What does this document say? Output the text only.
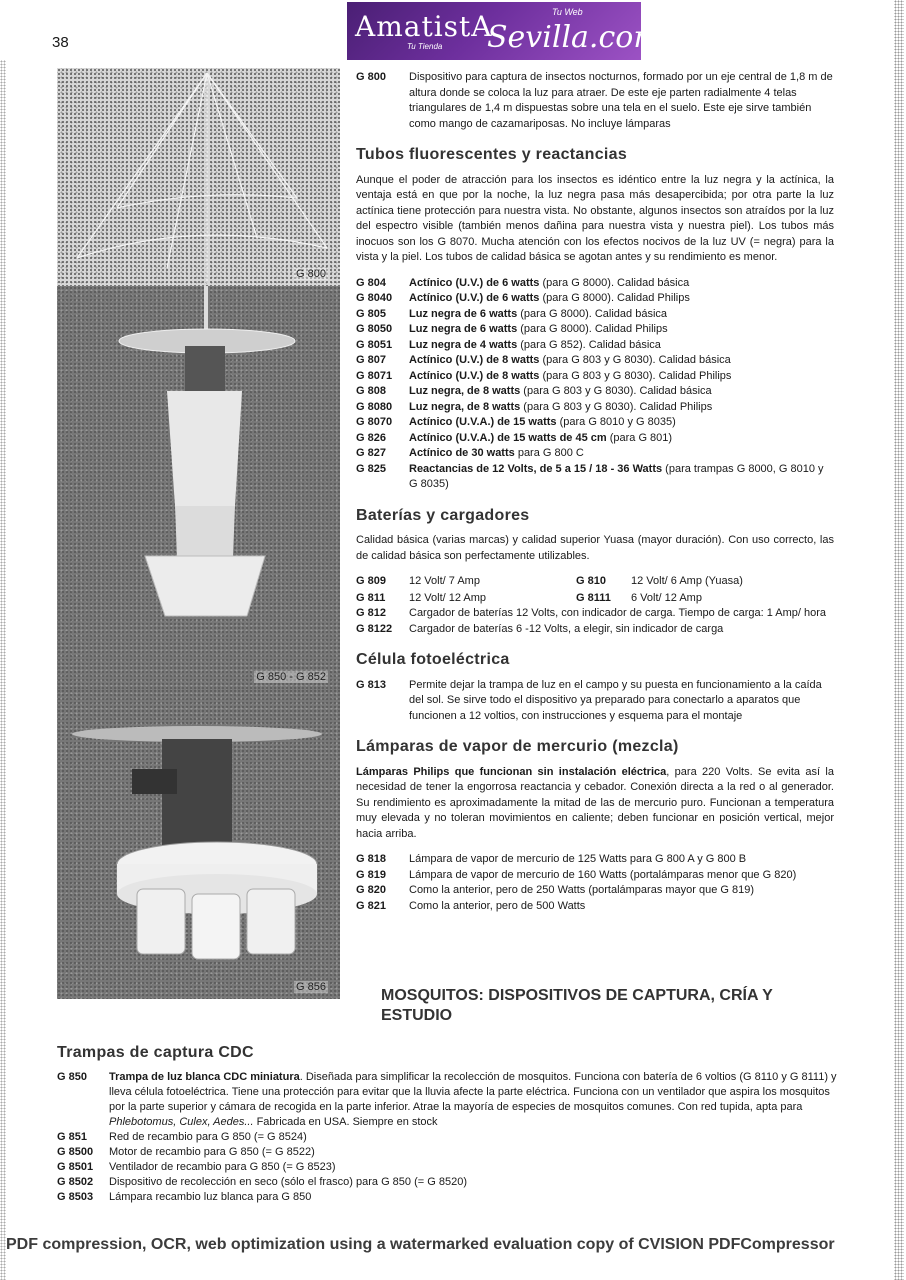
38	AmatistA	Tu Web
Sevilla.com
Tu Tienda
G 800
G 850 - G 852
G 856
G 800	Dispositivo para captura de insectos nocturnos, formado por un eje central de 1,8 m de altura donde se coloca la luz para atraer. De este eje parten radialmente 4 telas triangulares de 1,4 m dispuestas sobre una tela en el suelo. Este eje sirve también como mango de cazamariposas. No incluye lámparas
Tubos fluorescentes y reactancias
Aunque el poder de atracción para los insectos es idéntico entre la luz negra y la actínica, la ventaja está en que por la noche, la luz negra pasa más desapercibida; por otra parte la luz actínica tiene protección para nuestra vista. No obstante, algunos insectos son atraídos por la luz del espectro visible (también menos dañina para nuestra vista y nuestra piel). Los tubos más inocuos son los G 8070. Mucha atención con los efectos nocivos de la luz UV (= negra) para la vista y la piel. Los tubos de calidad básica se agotan antes y su rendimiento es menor.
G 804	Actínico (U.V.) de 6 watts (para G 8000). Calidad básica
G 8040	Actínico (U.V.) de 6 watts (para G 8000). Calidad Philips
G 805	Luz negra de 6 watts (para G 8000). Calidad básica
G 8050	Luz negra de 6 watts (para G 8000). Calidad Philips
G 8051	Luz negra de 4 watts (para G 852). Calidad básica
G 807	Actínico (U.V.) de 8 watts (para G 803 y G 8030). Calidad básica
G 8071	Actínico (U.V.) de 8 watts (para G 803 y G 8030). Calidad Philips
G 808	Luz negra, de 8 watts (para G 803 y G 8030). Calidad básica
G 8080	Luz negra, de 8 watts (para G 803 y G 8030). Calidad Philips
G 8070	Actínico (U.V.A.) de 15 watts (para G 8010 y G 8035)
G 826	Actínico (U.V.A.) de 15 watts de 45 cm (para G 801)
G 827	Actínico de 30 watts para G 800 C
G 825	Reactancias de 12 Volts, de 5 a 15 / 18 - 36 Watts (para trampas G 8000, G 8010 y G 8035)
Baterías y cargadores
Calidad básica (varias marcas) y calidad superior Yuasa (mayor duración). Con uso correcto, las de calidad básica son perfectamente utilizables.
G 809	12 Volt/ 7 Amp	G 810	12 Volt/ 6 Amp (Yuasa)
G 811	12 Volt/ 12 Amp	G 8111	6 Volt/ 12 Amp
G 812	Cargador de baterías 12 Volts, con indicador de carga. Tiempo de carga: 1 Amp/ hora
G 8122	Cargador de baterías 6 -12 Volts, a elegir, sin indicador de carga
Célula fotoeléctrica
G 813	Permite dejar la trampa de luz en el campo y su puesta en funcionamiento a la caída del sol. Se sirve todo el dispositivo ya preparado para conectarlo a aparatos que funcionen a 12 voltios, con instrucciones y esquema para el montaje
Lámparas de vapor de mercurio (mezcla)
Lámparas Philips que funcionan sin instalación eléctrica, para 220 Volts. Se evita así la necesidad de tener la engorrosa reactancia y cebador. Conexión directa a la red o al generador. Su rendimiento es aproximadamente la mitad de las de mercurio puro. Funcionan a temperatura muy elevada y no toleran movimientos en caliente; deben funcionar en posición vertical, mejor hacia arriba.
G 818	Lámpara de vapor de mercurio de 125 Watts para G 800 A y G 800 B
G 819	Lámpara de vapor de mercurio de 160 Watts (portalámparas menor que G 820)
G 820	Como la anterior, pero de 250 Watts (portalámparas mayor que G 819)
G 821	Como la anterior, pero de 500 Watts
MOSQUITOS: DISPOSITIVOS DE CAPTURA, CRÍA Y ESTUDIO
Trampas de captura CDC
G 850	Trampa de luz blanca CDC miniatura. Diseñada para simplificar la recolección de mosquitos. Funciona con batería de 6 voltios (G 8110 y G 8111) y lleva célula fotoeléctrica. Tiene una protección para evitar que la lluvia afecte la parte eléctrica. Funciona con un ventilador que aspira los mosquitos por la parte superior y cámara de recogida en la parte inferior. Atrae la mayoría de especies de mosquitos comunes. Con red tupida, apta para Phlebotomus, Culex, Aedes... Fabricada en USA. Siempre en stock
G 851	Red de recambio para G 850 (= G 8524)
G 8500	Motor de recambio para G 850 (= G 8522)
G 8501	Ventilador de recambio para G 850 (= G 8523)
G 8502	Dispositivo de recolección en seco (sólo el frasco) para G 850 (= G 8520)
G 8503	Lámpara recambio luz blanca para G 850
PDF compression, OCR, web optimization using a watermarked evaluation copy of CVISION PDFCompressor
